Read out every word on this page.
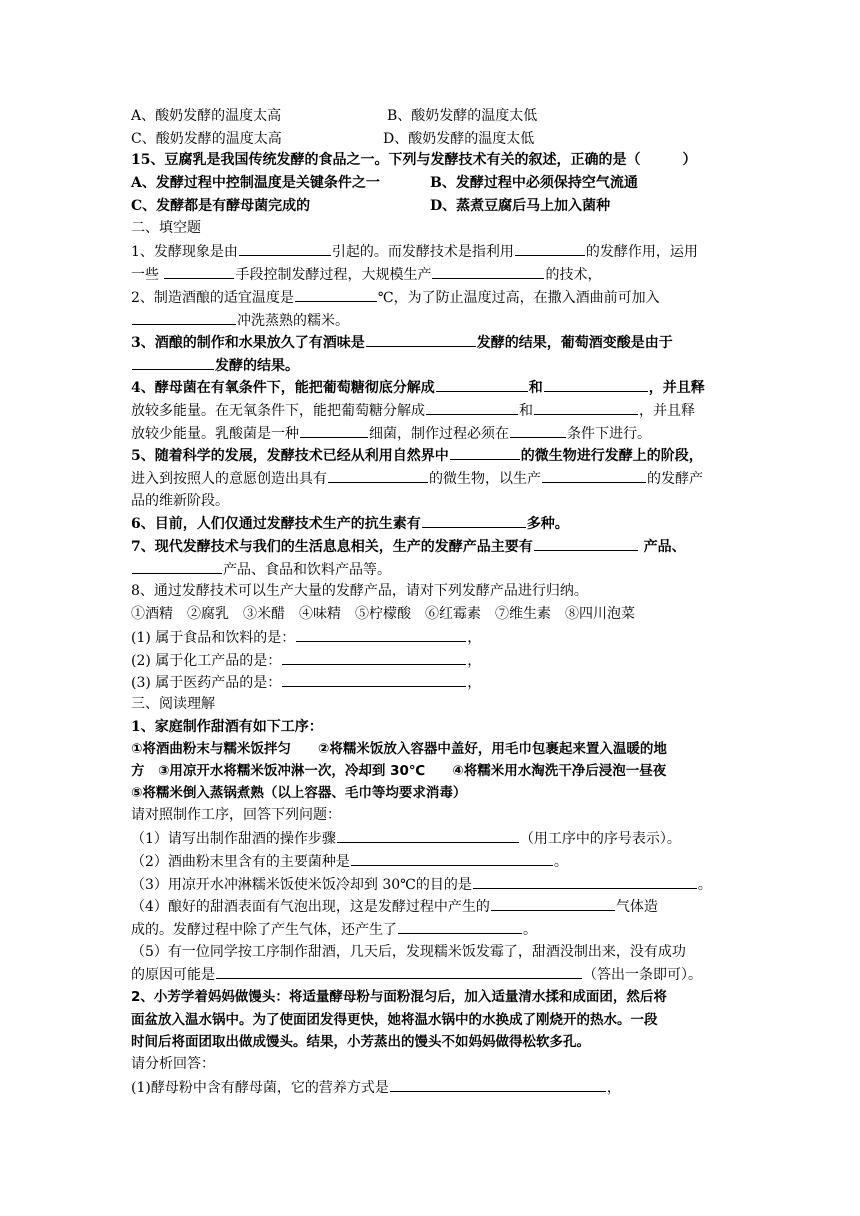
A、酸奶发酵的温度太高	B、酸奶发酵的温度太低
C、酸奶发酵的温度太高	D、酸奶发酵的温度太低
15、豆腐乳是我国传统发酵的食品之一。下列与发酵技术有关的叙述，正确的是（　　　）
A、发酵过程中控制温度是关键条件之一	B、发酵过程中必须保持空气流通
C、发酵都是有酵母菌完成的	D、蒸煮豆腐后马上加入菌种
二、填空题
1、发酵现象是由	引起的。而发酵技术是指利用	的发酵作用，运用
一些	手段控制发酵过程，大规模生产	的技术，
2、制造酒酿的适宜温度是	℃，为了防止温度过高，在撒入酒曲前可加入
冲洗蒸熟的糯米。
3、酒酿的制作和水果放久了有酒味是	发酵的结果，葡萄酒变酸是由于
发酵的结果。
4、酵母菌在有氧条件下，能把葡萄糖彻底分解成	和	，并且释
放较多能量。在无氧条件下，能把葡萄糖分解成	和	，并且释
放较少能量。乳酸菌是一种	细菌，制作过程必须在	条件下进行。
5、随着科学的发展，发酵技术已经从利用自然界中	的微生物进行发酵上的阶段，
进入到按照人的意愿创造出具有	的微生物，以生产	的发酵产
品的维新阶段。
6、目前，人们仅通过发酵技术生产的抗生素有	多种。
7、现代发酵技术与我们的生活息息相关，生产的发酵产品主要有	产品、
产品、食品和饮料产品等。
8、通过发酵技术可以生产大量的发酵产品，请对下列发酵产品进行归纳。
①酒精　②腐乳　③米醋　④味精　⑤柠檬酸　⑥红霉素　⑦维生素　⑧四川泡菜
(1) 属于食品和饮料的是：	，
(2) 属于化工产品的是：	，
(3) 属于医药产品的是：	，
三、阅读理解
1、家庭制作甜酒有如下工序：
①将酒曲粉末与糯米饭拌匀　　②将糯米饭放入容器中盖好，用毛巾包裹起来置入温暖的地
方　③用凉开水将糯米饭冲淋一次，冷却到 30℃　　④将糯米用水淘洗干净后浸泡一昼夜
⑤将糯米倒入蒸锅煮熟（以上容器、毛巾等均要求消毒）
请对照制作工序，回答下列问题：
（1）请写出制作甜酒的操作步骤	（用工序中的序号表示）。
（2）酒曲粉末里含有的主要菌种是	。
（3）用凉开水冲淋糯米饭使米饭冷却到 30℃的目的是	。
（4）酿好的甜酒表面有气泡出现，这是发酵过程中产生的	气体造
成的。发酵过程中除了产生气体，还产生了	。
（5）有一位同学按工序制作甜酒，几天后，发现糯米饭发霉了，甜酒没制出来，没有成功
的原因可能是	（答出一条即可）。
2、小芳学着妈妈做馒头：将适量酵母粉与面粉混匀后，加入适量清水揉和成面团，然后将
面盆放入温水锅中。为了使面团发得更快，她将温水锅中的水换成了刚烧开的热水。一段
时间后将面团取出做成馒头。结果，小芳蒸出的馒头不如妈妈做得松软多孔。
请分析回答：
(1)酵母粉中含有酵母菌，它的营养方式是	，
